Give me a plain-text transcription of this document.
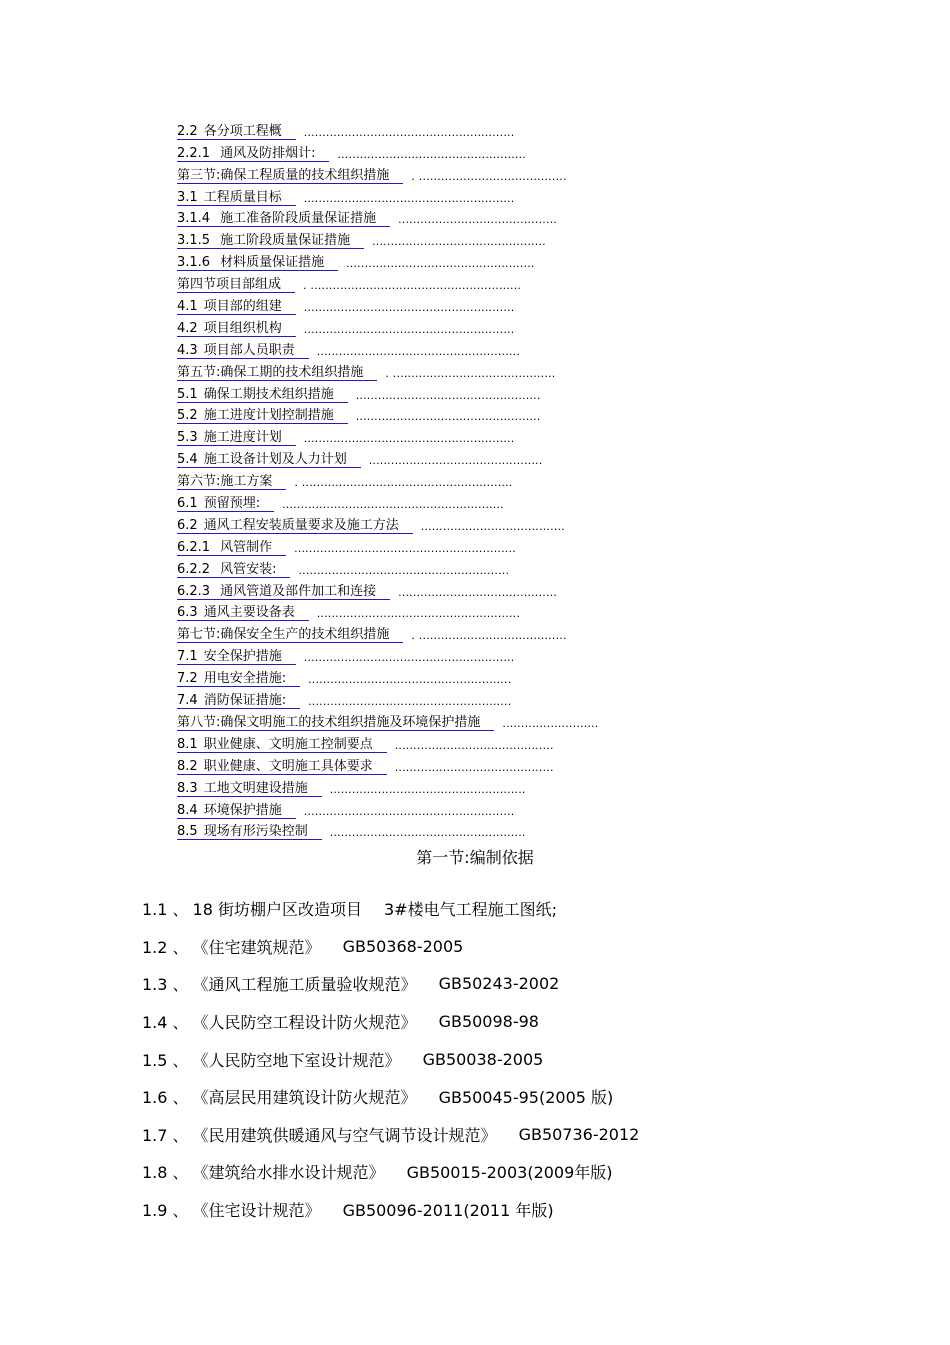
2.2 各分项工程概	.........................................................
2.2.1 通风及防排烟计:	...................................................
第三节:确保工程质量的技术组织措施	. ........................................
3.1 工程质量目标	.........................................................
3.1.4 施工准备阶段质量保证措施	...........................................
3.1.5 施工阶段质量保证措施	...............................................
3.1.6 材料质量保证措施	...................................................
第四节项目部组成	. .........................................................
4.1 项目部的组建	.........................................................
4.2 项目组织机构	.........................................................
4.3 项目部人员职责	.......................................................
第五节:确保工期的技术组织措施	. ............................................
5.1 确保工期技术组织措施	..................................................
5.2 施工进度计划控制措施	..................................................
5.3 施工进度计划	.........................................................
5.4 施工设备计划及人力计划	...............................................
第六节:施工方案	. .........................................................
6.1 预留预埋:	............................................................
6.2 通风工程安装质量要求及施工方法	.......................................
6.2.1 风管制作	............................................................
6.2.2 风管安装:	.........................................................
6.2.3 通风管道及部件加工和连接	...........................................
6.3 通风主要设备表	.......................................................
第七节:确保安全生产的技术组织措施	. ........................................
7.1 安全保护措施	.........................................................
7.2 用电安全措施:	.......................................................
7.4 消防保证措施:	.......................................................
第八节:确保文明施工的技术组织措施及环境保护措施	..........................
8.1 职业健康、文明施工控制要点	...........................................
8.2 职业健康、文明施工具体要求	...........................................
8.3 工地文明建设措施	.....................................................
8.4 环境保护措施	.........................................................
8.5 现场有形污染控制	.....................................................
第一节:编制依据
1.1 、 18 街坊棚户区改造项目 3#楼电气工程施工图纸;
1.2 、 《住宅建筑规范》 GB50368-2005
1.3 、 《通风工程施工质量验收规范》 GB50243-2002
1.4 、 《人民防空工程设计防火规范》 GB50098-98
1.5 、 《人民防空地下室设计规范》 GB50038-2005
1.6 、 《高层民用建筑设计防火规范》 GB50045-95(2005 版)
1.7 、 《民用建筑供暖通风与空气调节设计规范》 GB50736-2012
1.8 、 《建筑给水排水设计规范》 GB50015-2003(2009年版)
1.9 、 《住宅设计规范》 GB50096-2011(2011 年版)
